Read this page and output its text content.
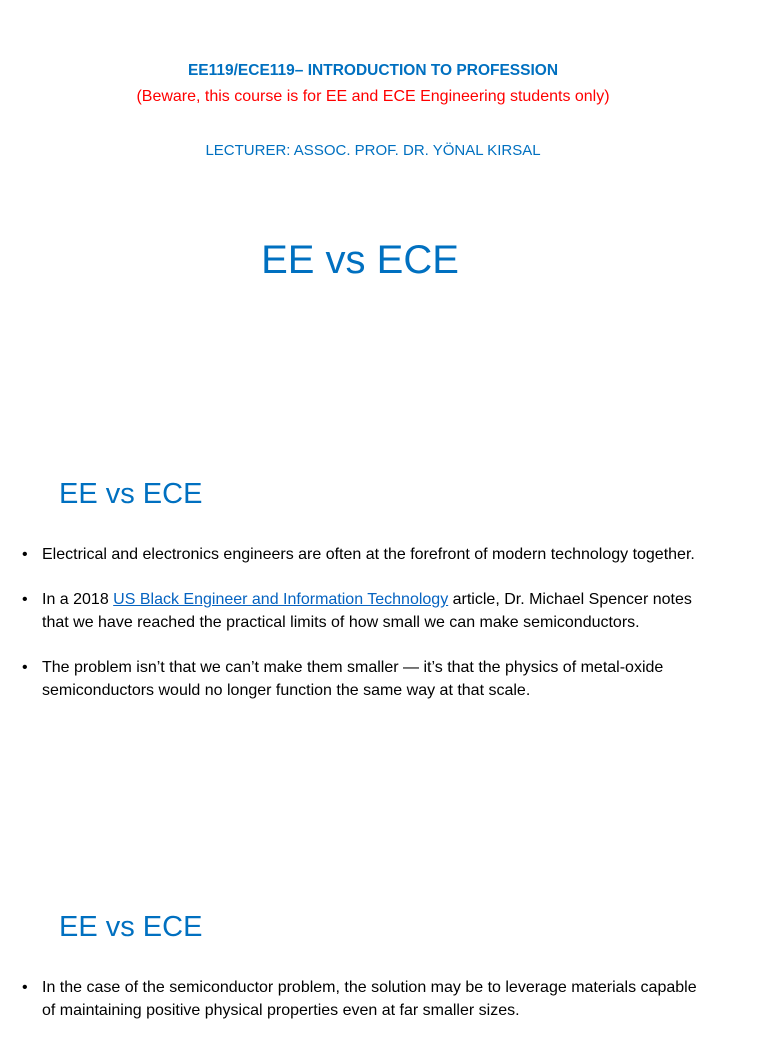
EE119/ECE119– INTRODUCTION TO PROFESSION
(Beware, this course is for EE and ECE Engineering students only)
LECTURER: ASSOC. PROF. DR. YÖNAL KIRSAL
EE vs ECE
EE vs ECE
• Electrical and electronics engineers are often at the forefront of modern technology together.
• In a 2018 US Black Engineer and Information Technology article, Dr. Michael Spencer notes that we have reached the practical limits of how small we can make semiconductors.
• The problem isn’t that we can’t make them smaller — it’s that the physics of metal-oxide semiconductors would no longer function the same way at that scale.
EE vs ECE
• In the case of the semiconductor problem, the solution may be to leverage materials capable of maintaining positive physical properties even at far smaller sizes.
